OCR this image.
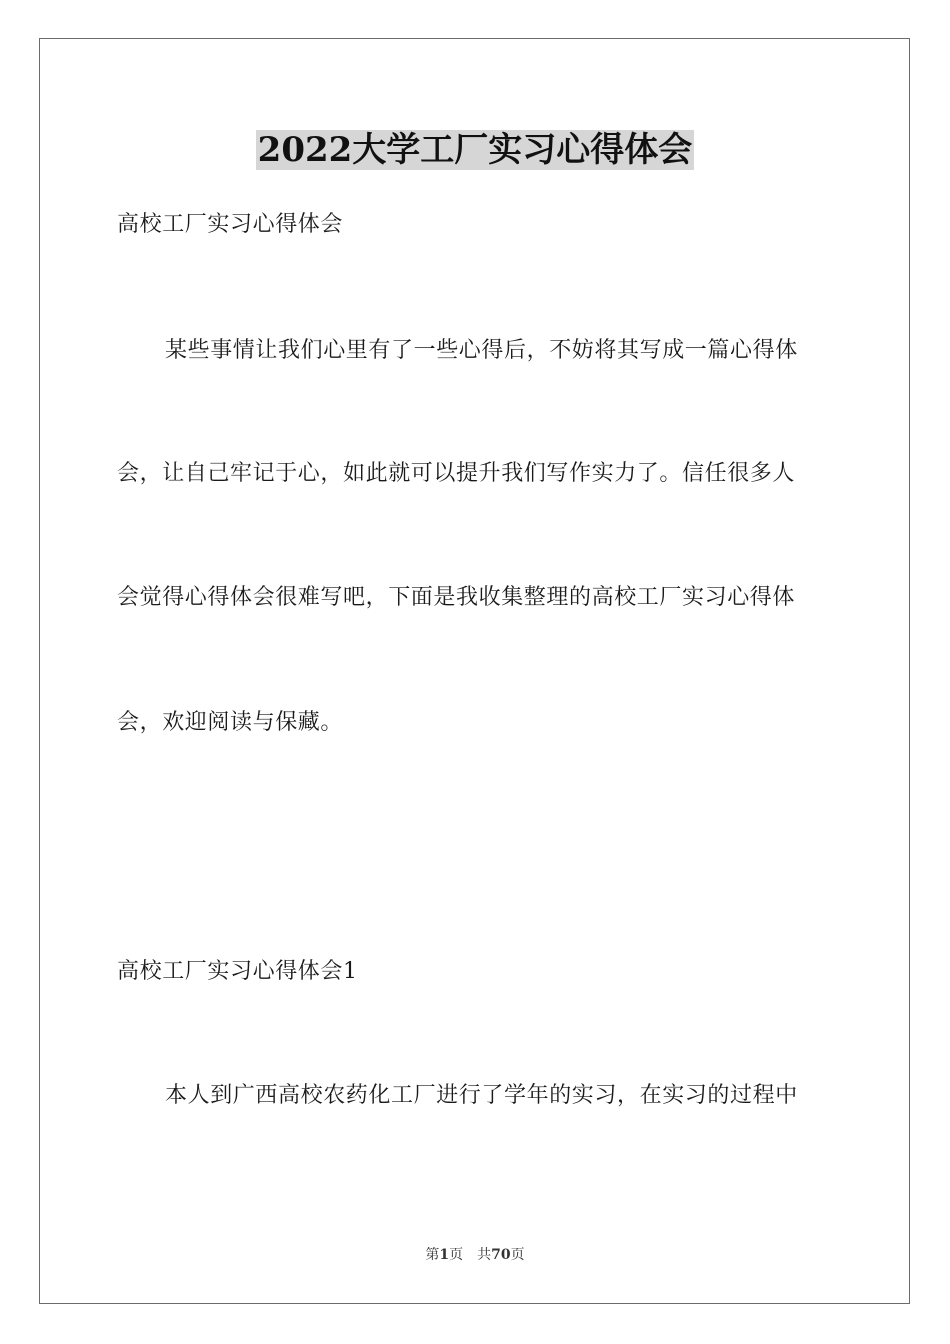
2022大学工厂实习心得体会
高校工厂实习心得体会
某些事情让我们心里有了一些心得后，不妨将其写成一篇心得体
会，让自己牢记于心，如此就可以提升我们写作实力了。信任很多人
会觉得心得体会很难写吧，下面是我收集整理的高校工厂实习心得体
会，欢迎阅读与保藏。
高校工厂实习心得体会1
本人到广西高校农药化工厂进行了学年的实习，在实习的过程中
第1页 共70页
